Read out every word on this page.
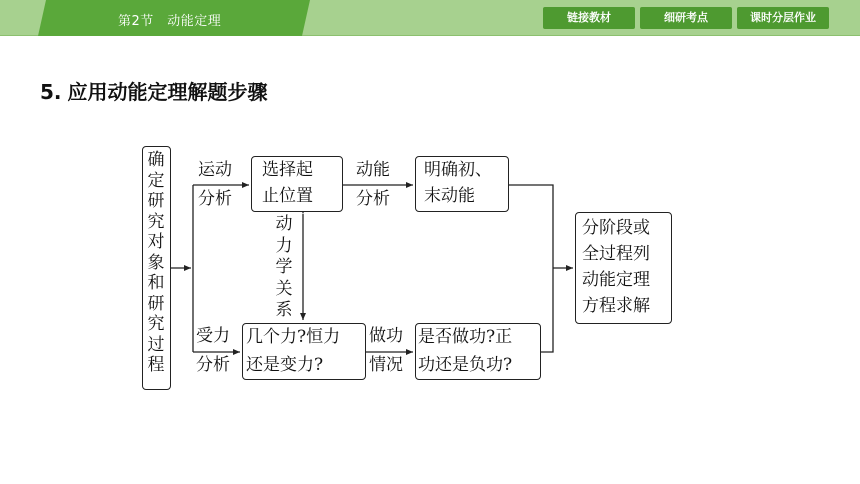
第2节　动能定理	链接教材	细研考点	课时分层作业
5. 应用动能定理解题步骤
确定研究对象和研究过程
运动
分析
选择起
止位置
动能
分析
明确初、
末动能
动力学关系
受力
分析
几个力?恒力
还是变力?
做功
情况
是否做功?正
功还是负功?
分阶段或
全过程列
动能定理
方程求解
